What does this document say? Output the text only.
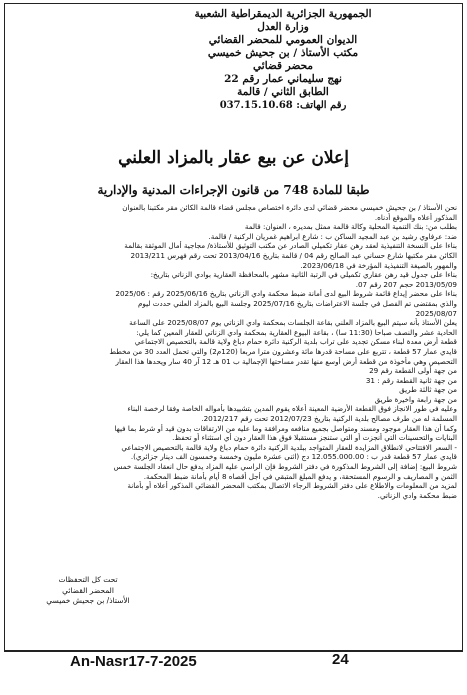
الجمهورية الجزائرية الديمقراطية الشعبية
وزارة العدل
الديوان العمومي للمحضر القضائي
مكتب الأستاذ / بن جحيش خميسي
محضر قضائي
نهج سليماني عمار رقم 22
الطابق الثاني / قالمة
رقم الهاتف: 037.15.10.68
إعلان عن بيع عقار بالمزاد العلني
طبقا للمادة 748 من قانون الإجراءات المدنية والإدارية

نحن الأستاذ / بن جحيش خميسي محضر قضائي لدى دائرة اختصاص مجلس قضاء قالمة الكائن مقر مكتبنا بالعنوان

المذكور أعلاه والموقع أدناه.

بطلب من: بنك التنمية المحلية وكالة قالمة ممثل بمديره ، العنوان: قالمة

ضد: عرفاوي رشيد بن عبد المجيد الساكن ب : شارع ابراهيم غمريان الركنية / قالمة.

بناءا على النسخة التنفيذية لعقد رهن عقار تكميلي الصادر عن مكتب التوثيق للأستاذة/ مجاجية أمال الموثقة بقالمة

الكائن مقر مكتبها شارع حساني عبد الصالح رقم 04 / قالمة بتاريخ 2013/04/16 تحت رقم فهرس 2013/211

والمهور بالصيغة التنفيذية المؤرخة في 2023/06/18.

بناءا على جدول قيد رهن عقاري تكميلي في الرتبة الثانية مشهر بالمحافظة العقارية بوادي الزناتي بتاريخ:

2013/05/09 حجم 207 رقم 07.

بناءا على محضر إيداع قائمة شروط البيع لدى أمانة ضبط محكمة وادي الزناتي بتاريخ 2025/06/16 رقم : 2025/06

والذي بمقتضى تم الفصل في جلسة الاعتراضات بتاريخ 2025/07/16 وجلسة البيع بالمزاد العلني حددت ليوم

2025/08/07

يعلن الأستاذ بأنه سيتم البيع بالمزاد العلني بقاعة الجلسات بمحكمة وادي الزناتي يوم 2025/08/07 على الساعة

الحادية عشر والنصف صباحا (11:30 سا) ، بقاعة البيوع العقارية بمحكمة وادي الزناتي للعقار المعين كما يلي:

قطعة أرض معدة لبناء مسكن تجديد على تراب بلدية الركنية دائرة حمام دباغ ولاية قالمة بالتحصيص الاجتماعي

قايدي عمار 57 قطعة ، تتربع على مساحة قدرها مائة وعشرون مترا مربعا (120م2) والتي تحمل العدد 30 من مخطط

التحصيص وهي مأخوذة من قطعة أرض أوسع منها تقدر مساحتها الإجمالية ب 01 هـ 12 آر 40 سار ويحدها هذا العقار

من جهة أولى القطعة رقم 29

من جهة ثانية القطعة رقم : 31

من جهة ثالثة طريق

من جهة رابعة واخيرة طريق

وعليه في طور الانجاز فوق القطعة الأرضية المعينة أعلاه يقوم المدين بتشييدها بأمواله الخاصة وفقا لرخصة البناء

المسلمة له من طرف مصالح بلدية الركنية بتاريخ 2012/07/23 تحت رقم 2012/217.

وكما أن هذا العقار موجود ومسند ومتواصل بجميع منافعه ومرافقة وما عليه من الارتفاقات بدون قيد أو شرط بما فيها

البنايات والتحسينات التي أنجزت أو التي ستنجز مستقبلا فوق هذا العقار دون أي استثناء أو تحفظ.

- السعر الافتتاحي لانطلاق المزايدة للعقار المتواجد ببلدية الركنية دائرة حمام دباغ ولاية قالمة بالتحصيص الاجتماعي

قايدي عمار 57 قطعة قدر ب : 12.055.000.00 دج (اثنى عشرة مليون وخمسة وخمسون الف دينار جزائري).

شروط البيع: إضافة إلى الشروط المذكورة في دفتر الشروط فإن الراسي عليه المزاد يدفع حال انعقاد الجلسة خمس

الثمن و المصاريف و الرسوم المستحقة، و يدفع المبلغ المتبقي في أجل أقصاه 8 أيام بأمانة ضبط المحكمة.

لمزيد من المعلومات والاطلاع على دفتر الشروط الرجاء الاتصال بمكتب المحضر القضائي المذكور أعلاه أو بأمانة

ضبط محكمة وادي الزناتي.

تحت كل التحفظات
المحضر القضائي
الأستاذ/ بن جحيش خميسي
An-Nasr17-7-2025	24
